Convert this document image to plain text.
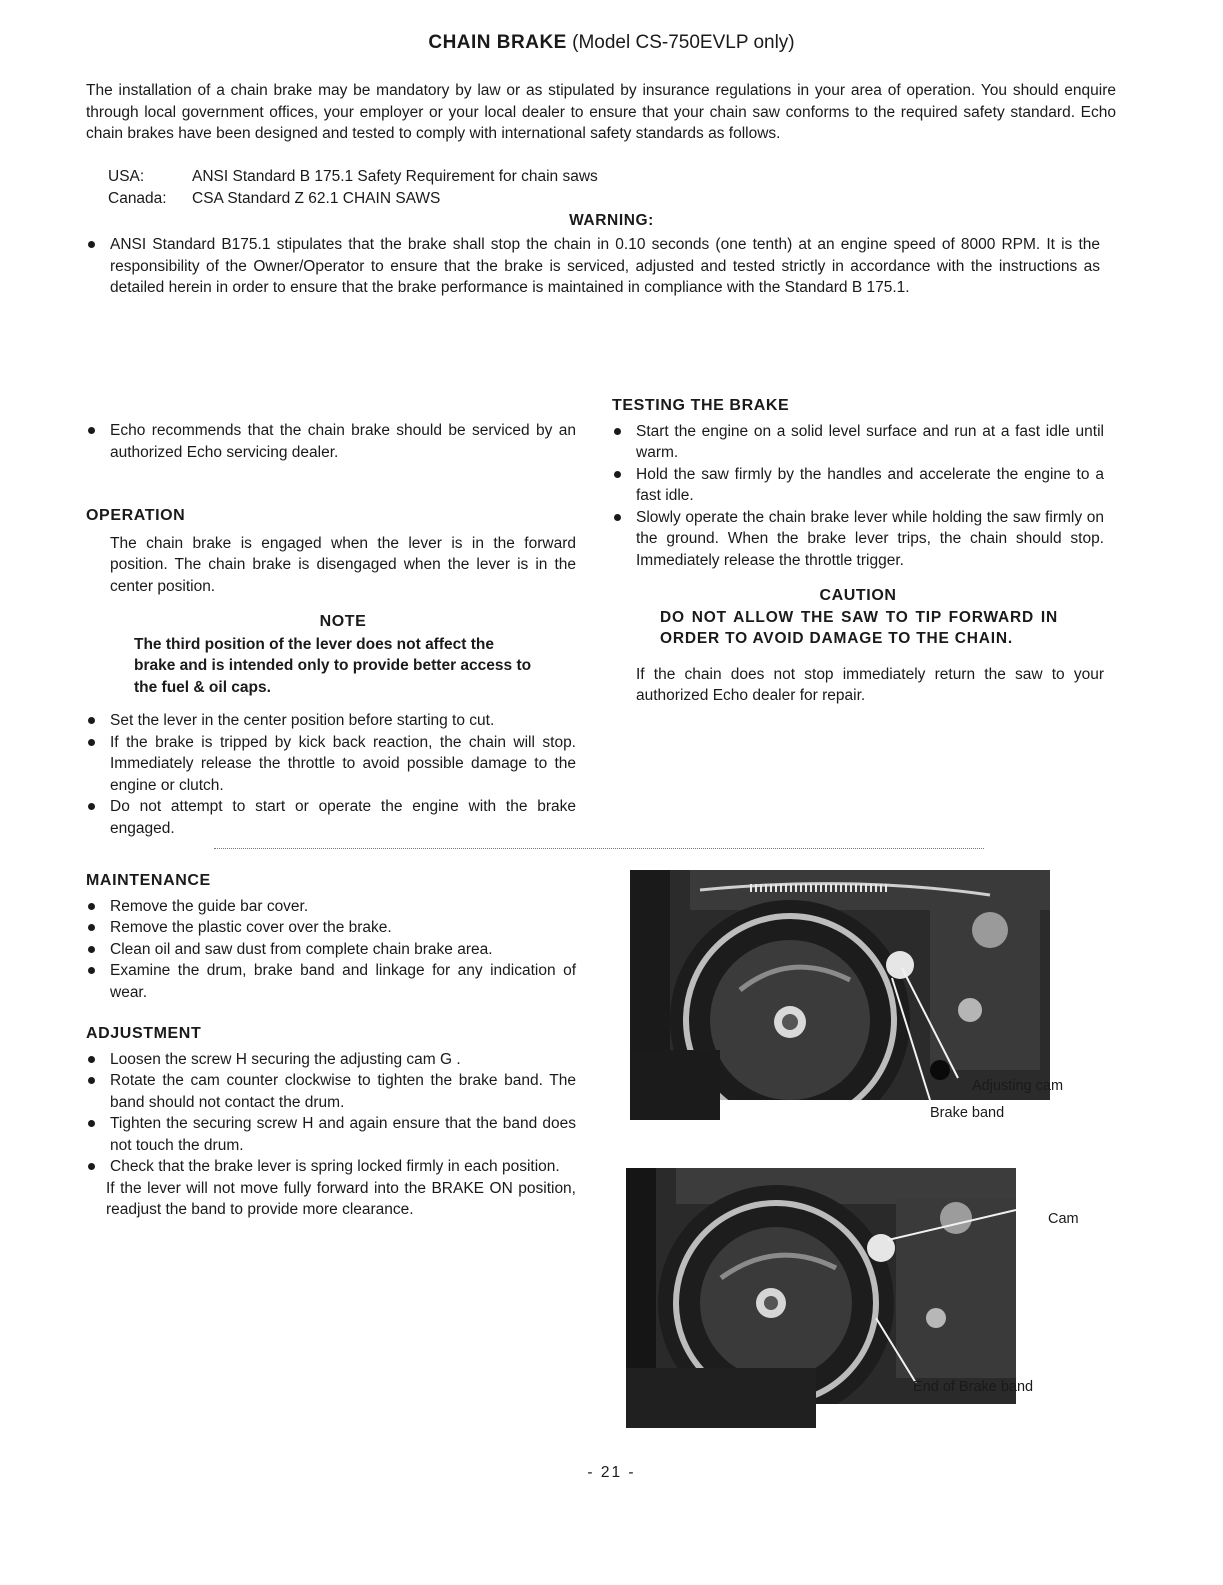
CHAIN BRAKE (Model CS-750EVLP only)
The installation of a chain brake may be mandatory by law or as stipulated by insurance regulations in your area of operation. You should enquire through local government offices, your employer or your local dealer to ensure that your chain saw conforms to the required safety standard. Echo chain brakes have been designed and tested to comply with international safety standards as follows.
USA:	ANSI Standard B 175.1 Safety Requirement for chain saws
Canada: CSA Standard Z 62.1 CHAIN SAWS
WARNING:
ANSI Standard B175.1 stipulates that the brake shall stop the chain in 0.10 seconds (one tenth) at an engine speed of 8000 RPM. It is the responsibility of the Owner/Operator to ensure that the brake is serviced, adjusted and tested strictly in accordance with the instructions as detailed herein in order to ensure that the brake performance is maintained in compliance with the Standard B 175.1.
Echo recommends that the chain brake should be serviced by an authorized Echo servicing dealer.
OPERATION
The chain brake is engaged when the lever is in the forward position. The chain brake is disengaged when the lever is in the center position.
NOTE
The third position of the lever does not affect the brake and is intended only to provide better access to the fuel & oil caps.
Set the lever in the center position before starting to cut.
If the brake is tripped by kick back reaction, the chain will stop. Immediately release the throttle to avoid possible damage to the engine or clutch.
Do not attempt to start or operate the engine with the brake engaged.
TESTING THE BRAKE
Start the engine on a solid level surface and run at a fast idle until warm.
Hold the saw firmly by the handles and accelerate the engine to a fast idle.
Slowly operate the chain brake lever while holding the saw firmly on the ground. When the brake lever trips, the chain should stop. Immediately release the throttle trigger.
CAUTION
DO NOT ALLOW THE SAW TO TIP FORWARD IN ORDER TO AVOID DAMAGE TO THE CHAIN.
If the chain does not stop immediately return the saw to your authorized Echo dealer for repair.
MAINTENANCE
Remove the guide bar cover.
Remove the plastic cover over the brake.
Clean oil and saw dust from complete chain brake area.
Examine the drum, brake band and linkage for any indication of wear.
ADJUSTMENT
Loosen the screw H securing the adjusting cam G .
Rotate the cam counter clockwise to tighten the brake band. The band should not contact the drum.
Tighten the securing screw H and again ensure that the band does not touch the drum.
Check that the brake lever is spring locked firmly in each position.
If the lever will not move fully forward into the BRAKE ON position, readjust the band to provide more clearance.
Adjusting cam
Brake band
Cam
End of Brake band
- 21 -
